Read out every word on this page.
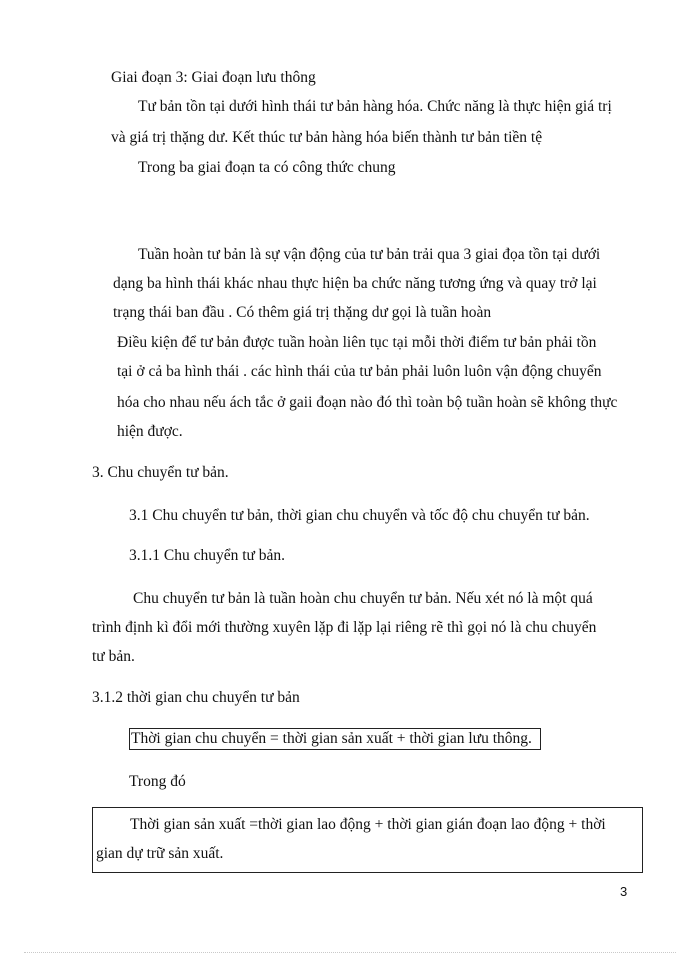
Giai đoạn 3: Giai đoạn lưu thông
Tư bản tồn tại dưới hình thái tư bản hàng hóa. Chức năng là thực hiện giá trị
và giá trị thặng dư. Kết thúc tư bản hàng hóa biến thành tư bản tiền tệ
Trong ba giai đoạn ta có công thức chung
Tuần hoàn tư bản là sự vận động của tư bản trải qua 3 giai đọa tồn tại dưới
dạng ba hình thái khác nhau thực hiện ba chức năng tương ứng và quay trở lại
trạng thái ban đầu . Có thêm giá trị thặng dư gọi là tuần hoàn
Điều kiện để tư bản được tuần hoàn liên tục tại mỗi thời điểm tư bản phải tồn
tại ở cả ba hình thái . các hình thái của tư bản phải luôn luôn vận động chuyển
hóa cho nhau nếu ách tắc ở gaii đoạn nào đó thì toàn bộ tuần hoàn sẽ không thực
hiện được.
3. Chu chuyển tư bản.
3.1 Chu chuyển tư bản, thời gian chu chuyển và tốc độ chu chuyển tư bản.
3.1.1 Chu chuyển tư bản.
Chu chuyển tư bản là tuần hoàn chu chuyển tư bản. Nếu xét nó là một quá
trình định kì đổi mới thường xuyên lặp đi lặp lại riêng rẽ thì gọi nó là chu chuyển
tư bản.
3.1.2 thời gian chu chuyển tư bản
Thời gian chu chuyển = thời gian sản xuất + thời gian lưu thông.
Trong đó
Thời gian sản xuất =thời gian lao động + thời gian gián đoạn lao động + thời
gian dự trữ sản xuất.
3
